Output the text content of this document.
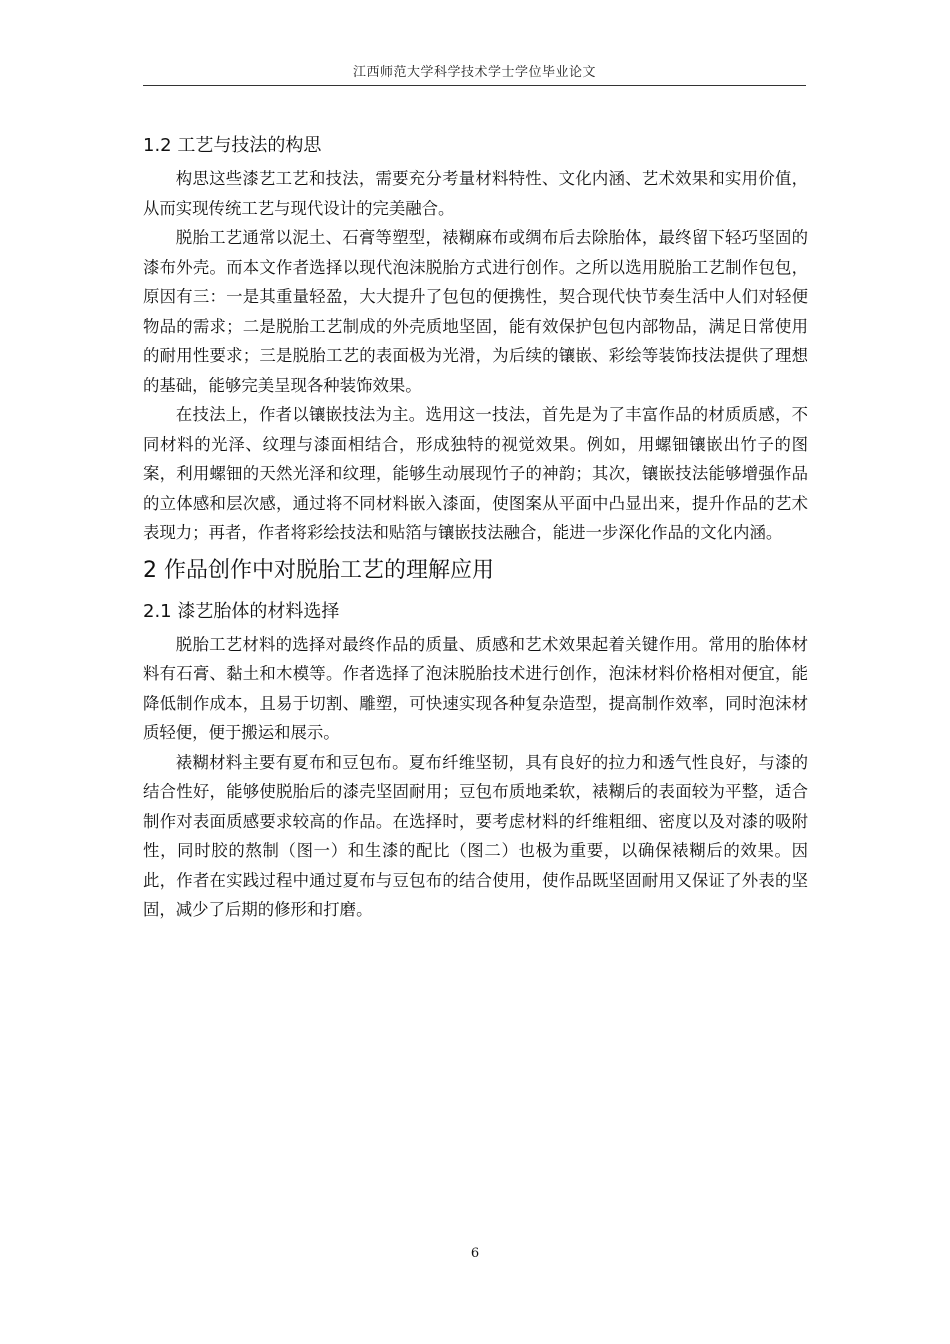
江西师范大学科学技术学士学位毕业论文
1.2 工艺与技法的构思

构思这些漆艺工艺和技法，需要充分考量材料特性、文化内涵、艺术效果和实用价值，从而实现传统工艺与现代设计的完美融合。

脱胎工艺通常以泥土、石膏等塑型，裱糊麻布或绸布后去除胎体，最终留下轻巧坚固的漆布外壳。而本文作者选择以现代泡沫脱胎方式进行创作。之所以选用脱胎工艺制作包包，原因有三：一是其重量轻盈，大大提升了包包的便携性，契合现代快节奏生活中人们对轻便物品的需求；二是脱胎工艺制成的外壳质地坚固，能有效保护包包内部物品，满足日常使用的耐用性要求；三是脱胎工艺的表面极为光滑，为后续的镶嵌、彩绘等装饰技法提供了理想的基础，能够完美呈现各种装饰效果。

在技法上，作者以镶嵌技法为主。选用这一技法，首先是为了丰富作品的材质质感，不同材料的光泽、纹理与漆面相结合，形成独特的视觉效果。例如，用螺钿镶嵌出竹子的图案，利用螺钿的天然光泽和纹理，能够生动展现竹子的神韵；其次，镶嵌技法能够增强作品的立体感和层次感，通过将不同材料嵌入漆面，使图案从平面中凸显出来，提升作品的艺术表现力；再者，作者将彩绘技法和贴箔与镶嵌技法融合，能进一步深化作品的文化内涵。

2 作品创作中对脱胎工艺的理解应用
2.1 漆艺胎体的材料选择

脱胎工艺材料的选择对最终作品的质量、质感和艺术效果起着关键作用。常用的胎体材料有石膏、黏土和木模等。作者选择了泡沫脱胎技术进行创作，泡沫材料价格相对便宜，能降低制作成本，且易于切割、雕塑，可快速实现各种复杂造型，提高制作效率，同时泡沫材质轻便，便于搬运和展示。

裱糊材料主要有夏布和豆包布。夏布纤维坚韧，具有良好的拉力和透气性良好，与漆的结合性好，能够使脱胎后的漆壳坚固耐用；豆包布质地柔软，裱糊后的表面较为平整，适合制作对表面质感要求较高的作品。在选择时，要考虑材料的纤维粗细、密度以及对漆的吸附性，同时胶的熬制（图一）和生漆的配比（图二）也极为重要，以确保裱糊后的效果。因此，作者在实践过程中通过夏布与豆包布的结合使用，使作品既坚固耐用又保证了外表的坚固，减少了后期的修形和打磨。

6
